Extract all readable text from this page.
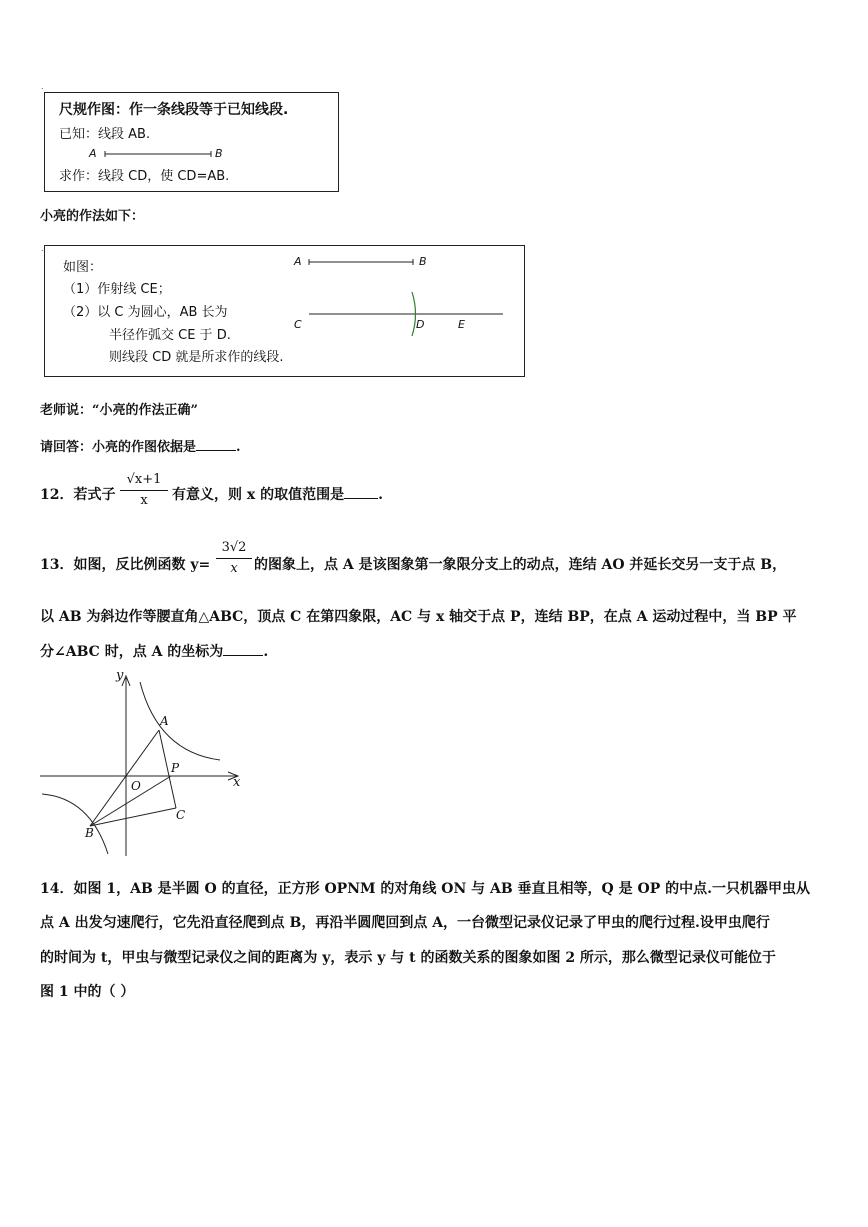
˙
尺规作图：作一条线段等于已知线段.
已知：线段 AB.
A	B
求作：线段 CD，使 CD=AB.
小亮的作法如下：
˙
如图：
（1）作射线 CE；
（2）以 C 为圆心，AB 长为
半径作弧交 CE 于 D.
则线段 CD 就是所求作的线段.
A	B
C	D	E
老师说：“小亮的作法正确”
请回答：小亮的作图依据是	.
12．若式子
√x+1
x	有意义，则 x 的取值范围是 .
13．如图，反比例函数 y=
3√2
x	的图象上，点 A 是该图象第一象限分支上的动点，连结 AO 并延长交另一支于点 B，
以 AB 为斜边作等腰直角△ABC，顶点 C 在第四象限，AC 与 x 轴交于点 P，连结 BP，在点 A 运动过程中，当 BP 平
分∠ABC 时，点 A 的坐标为	.
y
x
A
O
P
B
C
14．如图 1，AB 是半圆 O 的直径，正方形 OPNM 的对角线 ON 与 AB 垂直且相等，Q 是 OP 的中点.一只机器甲虫从
点 A 出发匀速爬行，它先沿直径爬到点 B，再沿半圆爬回到点 A，一台微型记录仪记录了甲虫的爬行过程.设甲虫爬行
的时间为 t，甲虫与微型记录仪之间的距离为 y，表示 y 与 t 的函数关系的图象如图 2 所示，那么微型记录仪可能位于
图 1 中的（ ）
